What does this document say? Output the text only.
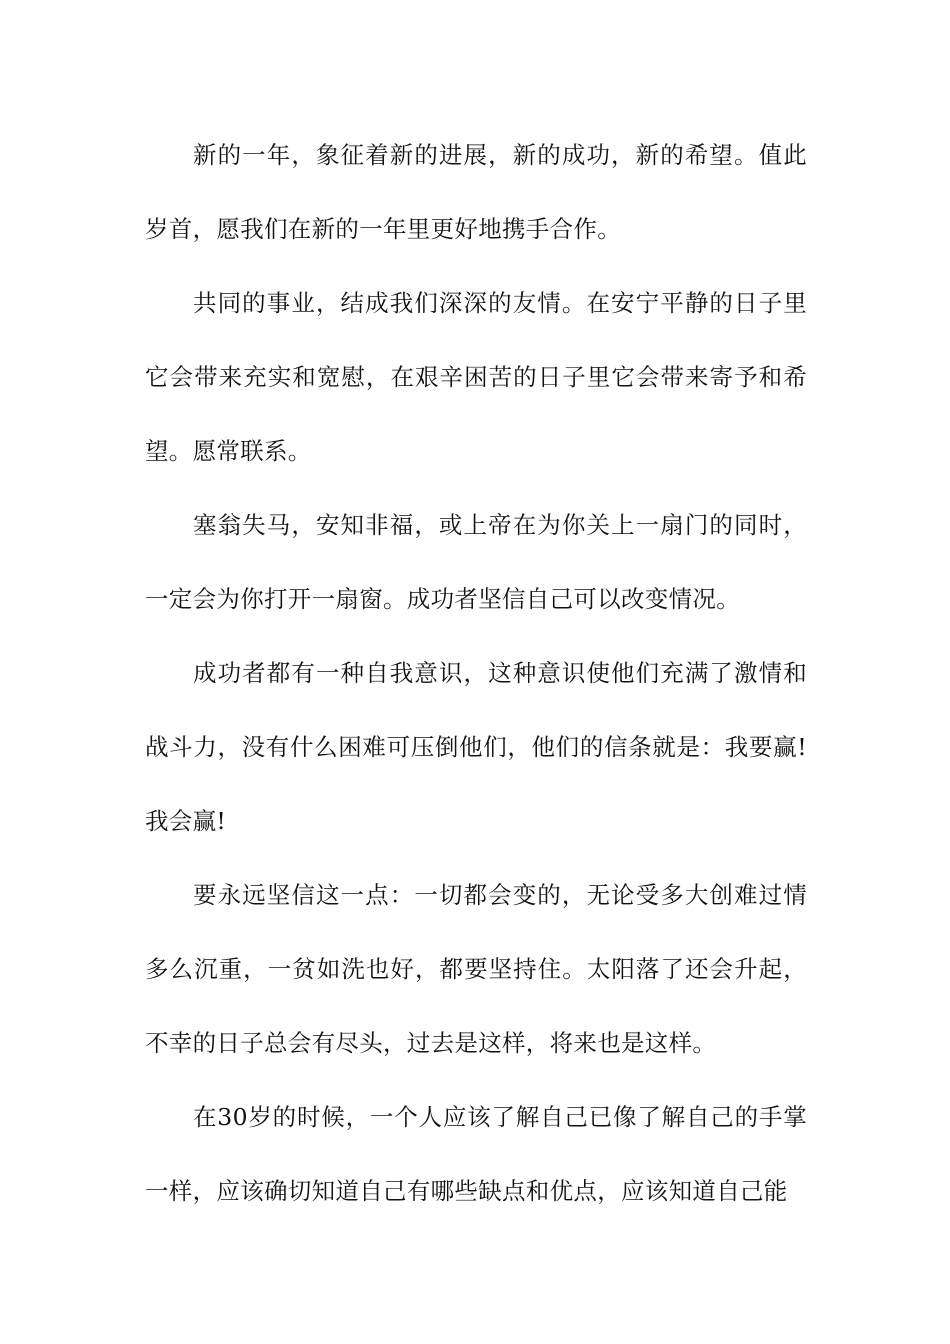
新的一年，象征着新的进展，新的成功，新的希望。值此岁首，愿我们在新的一年里更好地携手合作。

共同的事业，结成我们深深的友情。在安宁平静的日子里它会带来充实和宽慰，在艰辛困苦的日子里它会带来寄予和希望。愿常联系。

塞翁失马，安知非福，或上帝在为你关上一扇门的同时，一定会为你打开一扇窗。成功者坚信自己可以改变情况。

成功者都有一种自我意识，这种意识使他们充满了激情和战斗力，没有什么困难可压倒他们，他们的信条就是：我要赢!我会赢!

要永远坚信这一点：一切都会变的，无论受多大创难过情多么沉重，一贫如洗也好，都要坚持住。太阳落了还会升起，不幸的日子总会有尽头，过去是这样，将来也是这样。

在30岁的时候，一个人应该了解自己已像了解自己的手掌一样，应该确切知道自己有哪些缺点和优点，应该知道自己能
